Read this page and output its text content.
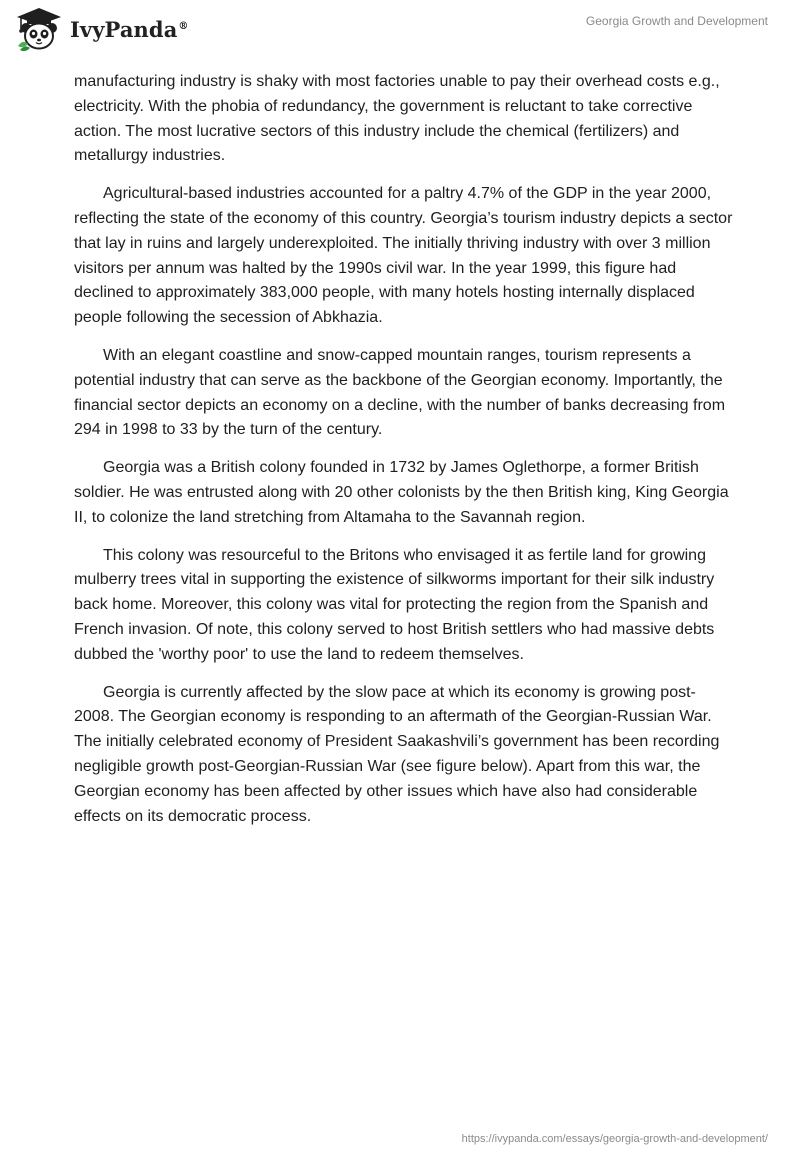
IvyPanda®	Georgia Growth and Development

manufacturing industry is shaky with most factories unable to pay their overhead costs e.g., electricity. With the phobia of redundancy, the government is reluctant to take corrective action. The most lucrative sectors of this industry include the chemical (fertilizers) and metallurgy industries.

Agricultural-based industries accounted for a paltry 4.7% of the GDP in the year 2000, reflecting the state of the economy of this country. Georgia’s tourism industry depicts a sector that lay in ruins and largely underexploited. The initially thriving industry with over 3 million visitors per annum was halted by the 1990s civil war. In the year 1999, this figure had declined to approximately 383,000 people, with many hotels hosting internally displaced people following the secession of Abkhazia.

With an elegant coastline and snow-capped mountain ranges, tourism represents a potential industry that can serve as the backbone of the Georgian economy. Importantly, the financial sector depicts an economy on a decline, with the number of banks decreasing from 294 in 1998 to 33 by the turn of the century.

Georgia was a British colony founded in 1732 by James Oglethorpe, a former British soldier. He was entrusted along with 20 other colonists by the then British king, King Georgia II, to colonize the land stretching from Altamaha to the Savannah region.

This colony was resourceful to the Britons who envisaged it as fertile land for growing mulberry trees vital in supporting the existence of silkworms important for their silk industry back home. Moreover, this colony was vital for protecting the region from the Spanish and French invasion. Of note, this colony served to host British settlers who had massive debts dubbed the 'worthy poor' to use the land to redeem themselves.

Georgia is currently affected by the slow pace at which its economy is growing post-2008. The Georgian economy is responding to an aftermath of the Georgian-Russian War. The initially celebrated economy of President Saakashvili’s government has been recording negligible growth post-Georgian-Russian War (see figure below). Apart from this war, the Georgian economy has been affected by other issues which have also had considerable effects on its democratic process.

https://ivypanda.com/essays/georgia-growth-and-development/
